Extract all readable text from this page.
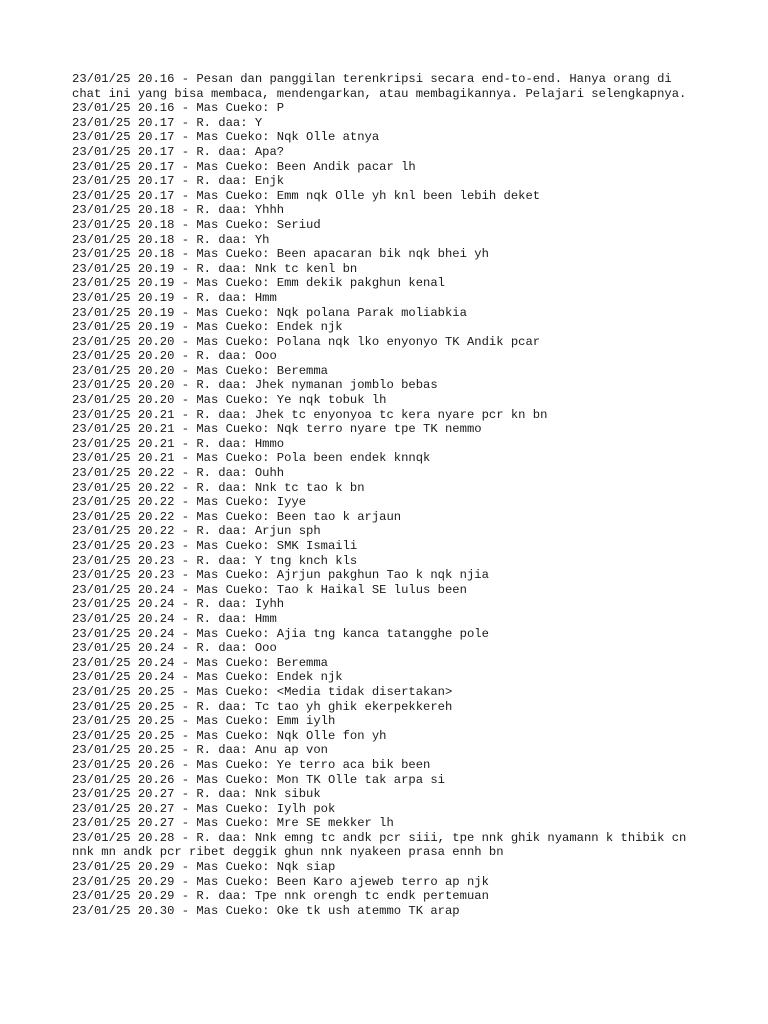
23/01/25 20.16 - Pesan dan panggilan terenkripsi secara end-to-end. Hanya orang di chat ini yang bisa membaca, mendengarkan, atau membagikannya. Pelajari selengkapnya.
23/01/25 20.16 - Mas Cueko: P
23/01/25 20.17 - R. daa: Y
23/01/25 20.17 - Mas Cueko: Nqk Olle atnya
23/01/25 20.17 - R. daa: Apa?
23/01/25 20.17 - Mas Cueko: Been Andik pacar lh
23/01/25 20.17 - R. daa: Enjk
23/01/25 20.17 - Mas Cueko: Emm nqk Olle yh knl been lebih deket
23/01/25 20.18 - R. daa: Yhhh
23/01/25 20.18 - Mas Cueko: Seriud
23/01/25 20.18 - R. daa: Yh
23/01/25 20.18 - Mas Cueko: Been apacaran bik nqk bhei yh
23/01/25 20.19 - R. daa: Nnk tc kenl bn
23/01/25 20.19 - Mas Cueko: Emm dekik pakghun kenal
23/01/25 20.19 - R. daa: Hmm
23/01/25 20.19 - Mas Cueko: Nqk polana Parak moliabkia
23/01/25 20.19 - Mas Cueko: Endek njk
23/01/25 20.20 - Mas Cueko: Polana nqk lko enyonyo TK Andik pcar
23/01/25 20.20 - R. daa: Ooo
23/01/25 20.20 - Mas Cueko: Beremma
23/01/25 20.20 - R. daa: Jhek nymanan jomblo bebas
23/01/25 20.20 - Mas Cueko: Ye nqk tobuk lh
23/01/25 20.21 - R. daa: Jhek tc enyonyoa tc kera nyare pcr kn bn
23/01/25 20.21 - Mas Cueko: Nqk terro nyare tpe TK nemmo
23/01/25 20.21 - R. daa: Hmmo
23/01/25 20.21 - Mas Cueko: Pola been endek knnqk
23/01/25 20.22 - R. daa: Ouhh
23/01/25 20.22 - R. daa: Nnk tc tao k bn
23/01/25 20.22 - Mas Cueko: Iyye
23/01/25 20.22 - Mas Cueko: Been tao k arjaun
23/01/25 20.22 - R. daa: Arjun sph
23/01/25 20.23 - Mas Cueko: SMK Ismaili
23/01/25 20.23 - R. daa: Y tng knch kls
23/01/25 20.23 - Mas Cueko: Ajrjun pakghun Tao k nqk njia
23/01/25 20.24 - Mas Cueko: Tao k Haikal SE lulus been
23/01/25 20.24 - R. daa: Iyhh
23/01/25 20.24 - R. daa: Hmm
23/01/25 20.24 - Mas Cueko: Ajia tng kanca tatangghe pole
23/01/25 20.24 - R. daa: Ooo
23/01/25 20.24 - Mas Cueko: Beremma
23/01/25 20.24 - Mas Cueko: Endek njk
23/01/25 20.25 - Mas Cueko: <Media tidak disertakan>
23/01/25 20.25 - R. daa: Tc tao yh ghik ekerpekkereh
23/01/25 20.25 - Mas Cueko: Emm iylh
23/01/25 20.25 - Mas Cueko: Nqk Olle fon yh
23/01/25 20.25 - R. daa: Anu ap von
23/01/25 20.26 - Mas Cueko: Ye terro aca bik been
23/01/25 20.26 - Mas Cueko: Mon TK Olle tak arpa si
23/01/25 20.27 - R. daa: Nnk sibuk
23/01/25 20.27 - Mas Cueko: Iylh pok
23/01/25 20.27 - Mas Cueko: Mre SE mekker lh
23/01/25 20.28 - R. daa: Nnk emng tc andk pcr siii, tpe nnk ghik nyamann k thibik cn nnk mn andk pcr ribet deggik ghun nnk nyakeen prasa ennh bn
23/01/25 20.29 - Mas Cueko: Nqk siap
23/01/25 20.29 - Mas Cueko: Been Karo ajeweb terro ap njk
23/01/25 20.29 - R. daa: Tpe nnk orengh tc endk pertemuan
23/01/25 20.30 - Mas Cueko: Oke tk ush atemmo TK arap
